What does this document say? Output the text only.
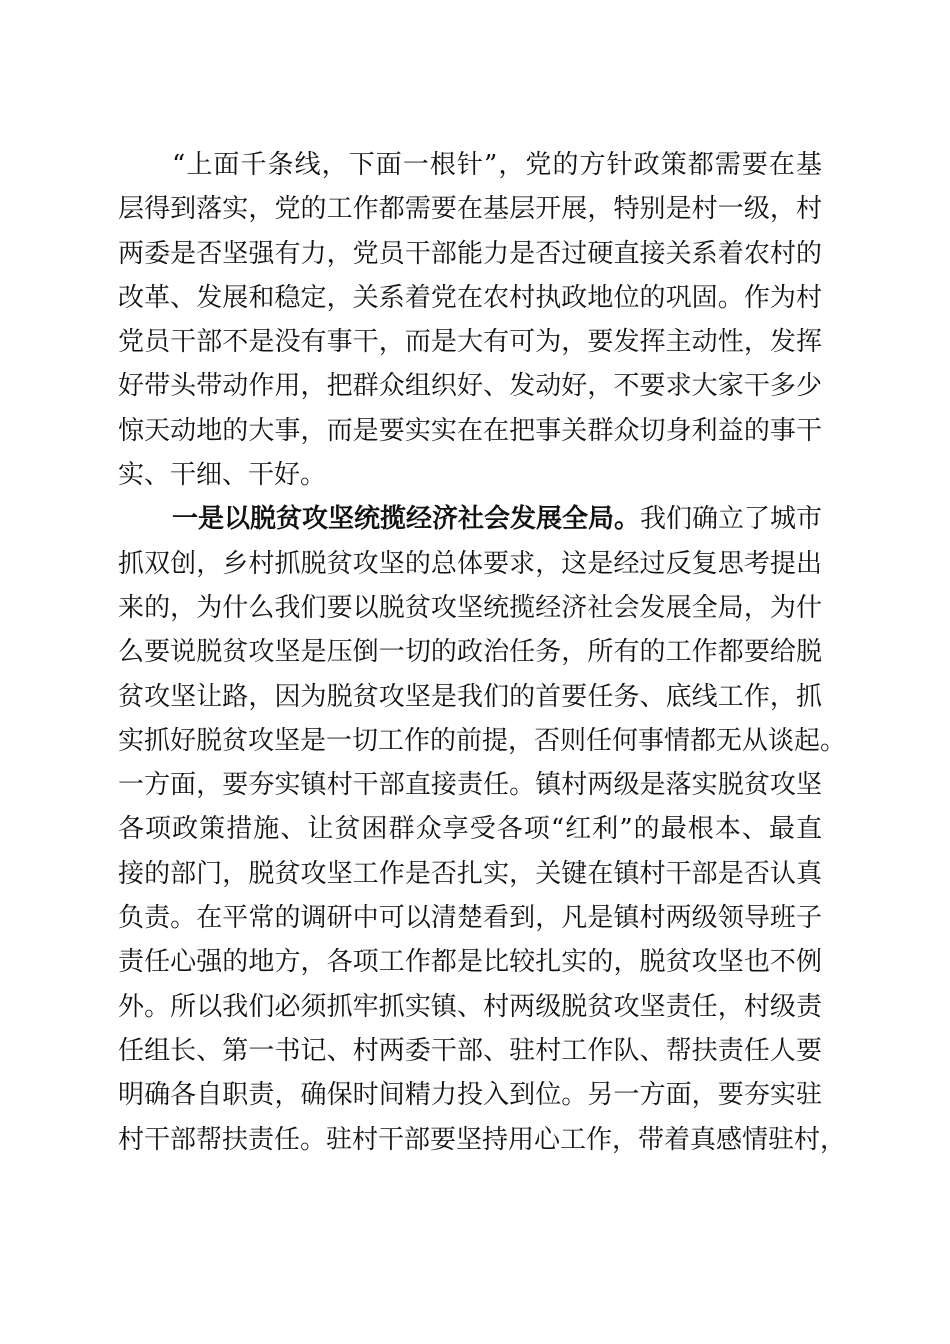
“上面千条线，下面一根针”，党的方针政策都需要在基
层得到落实，党的工作都需要在基层开展，特别是村一级，村
两委是否坚强有力，党员干部能力是否过硬直接关系着农村的
改革、发展和稳定，关系着党在农村执政地位的巩固。作为村
党员干部不是没有事干，而是大有可为，要发挥主动性，发挥
好带头带动作用，把群众组织好、发动好，不要求大家干多少
惊天动地的大事，而是要实实在在把事关群众切身利益的事干
实、干细、干好。
一是以脱贫攻坚统揽经济社会发展全局。我们确立了城市
抓双创，乡村抓脱贫攻坚的总体要求，这是经过反复思考提出
来的，为什么我们要以脱贫攻坚统揽经济社会发展全局，为什
么要说脱贫攻坚是压倒一切的政治任务，所有的工作都要给脱
贫攻坚让路，因为脱贫攻坚是我们的首要任务、底线工作，抓
实抓好脱贫攻坚是一切工作的前提，否则任何事情都无从谈起。
一方面，要夯实镇村干部直接责任。镇村两级是落实脱贫攻坚
各项政策措施、让贫困群众享受各项“红利”的最根本、最直
接的部门，脱贫攻坚工作是否扎实，关键在镇村干部是否认真
负责。在平常的调研中可以清楚看到，凡是镇村两级领导班子
责任心强的地方，各项工作都是比较扎实的，脱贫攻坚也不例
外。所以我们必须抓牢抓实镇、村两级脱贫攻坚责任，村级责
任组长、第一书记、村两委干部、驻村工作队、帮扶责任人要
明确各自职责，确保时间精力投入到位。另一方面，要夯实驻
村干部帮扶责任。驻村干部要坚持用心工作，带着真感情驻村，
